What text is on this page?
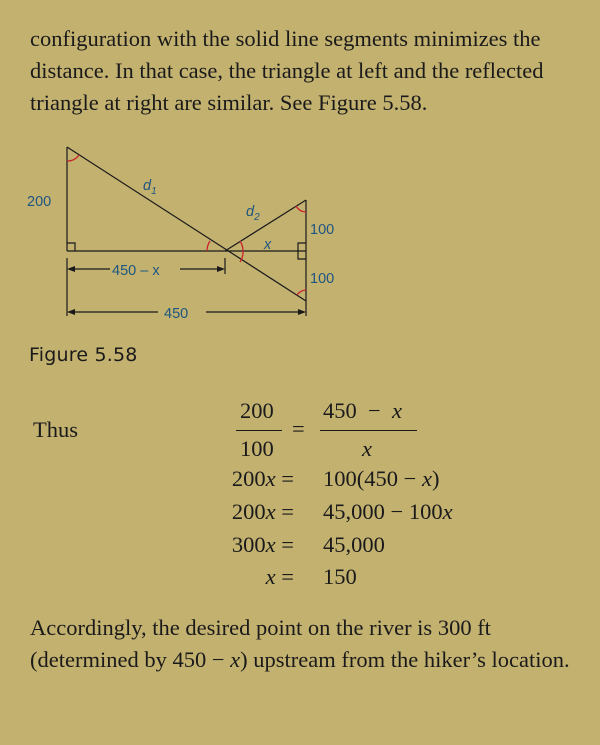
configuration with the solid line segments minimizes the
distance. In that case, the triangle at left and the reflected
triangle at right are similar. See Figure 5.58.

200
$d_1$
$d_2$
100
100
x
450 – x
450

Figure 5.58

Thus
200
100
=
450 − x
x
200x = 100(450 − x)
200x = 45,000 − 100x
300x = 45,000
x = 150

Accordingly, the desired point on the river is 300 ft
(determined by 450 − x) upstream from the hiker’s location.
